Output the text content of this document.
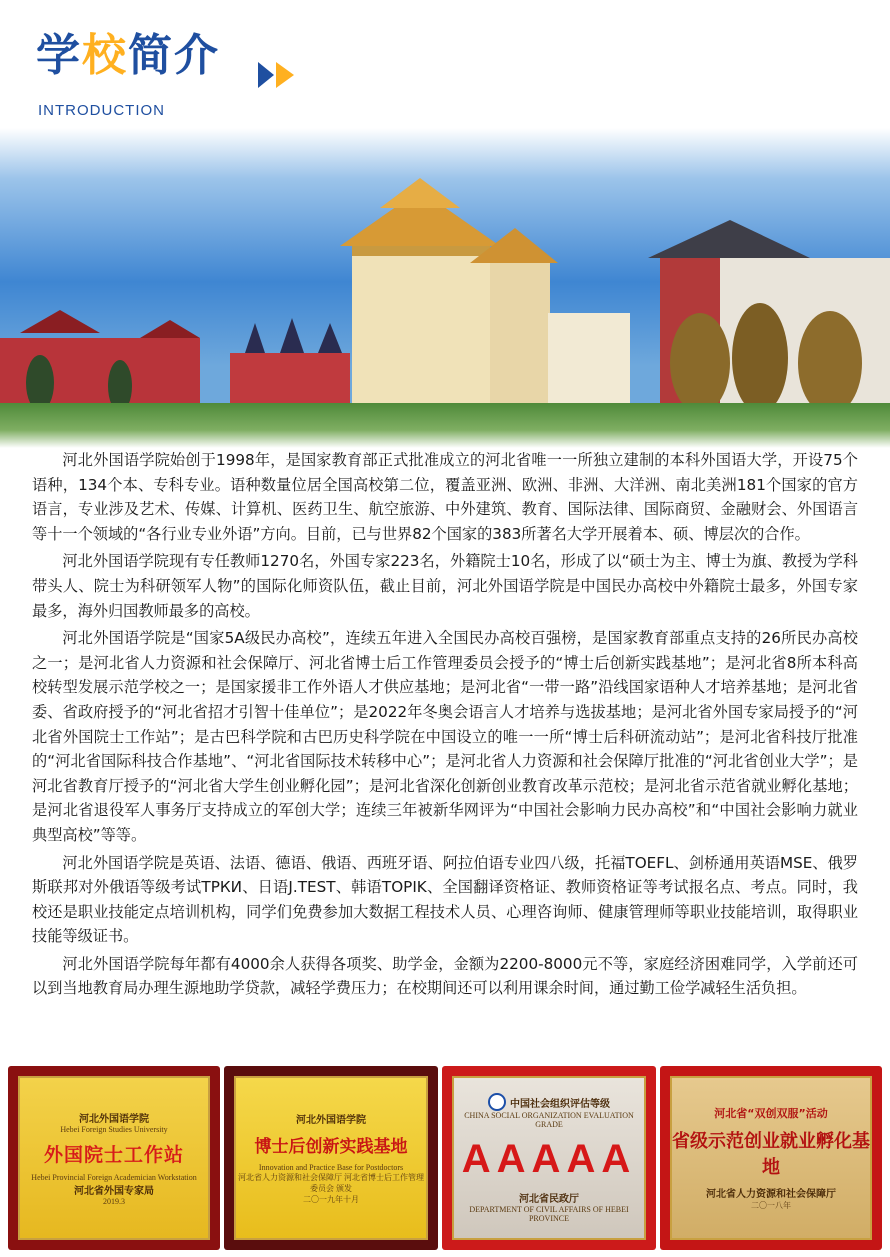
学校简介
INTRODUCTION

河北外国语学院始创于1998年，是国家教育部正式批准成立的河北省唯一一所独立建制的本科外国语大学，开设75个语种，134个本、专科专业。语种数量位居全国高校第二位，覆盖亚洲、欧洲、非洲、大洋洲、南北美洲181个国家的官方语言，专业涉及艺术、传媒、计算机、医药卫生、航空旅游、中外建筑、教育、国际法律、国际商贸、金融财会、外国语言等十一个领域的“各行业专业外语”方向。目前，已与世界82个国家的383所著名大学开展着本、硕、博层次的合作。

河北外国语学院现有专任教师1270名，外国专家223名，外籍院士10名，形成了以“硕士为主、博士为旗、教授为学科带头人、院士为科研领军人物”的国际化师资队伍，截止目前，河北外国语学院是中国民办高校中外籍院士最多，外国专家最多，海外归国教师最多的高校。

河北外国语学院是“国家5A级民办高校”，连续五年进入全国民办高校百强榜，是国家教育部重点支持的26所民办高校之一；是河北省人力资源和社会保障厅、河北省博士后工作管理委员会授予的“博士后创新实践基地”；是河北省8所本科高校转型发展示范学校之一；是国家援非工作外语人才供应基地；是河北省“一带一路”沿线国家语种人才培养基地；是河北省委、省政府授予的“河北省招才引智十佳单位”；是2022年冬奥会语言人才培养与选拔基地；是河北省外国专家局授予的“河北省外国院士工作站”；是古巴科学院和古巴历史科学院在中国设立的唯一一所“博士后科研流动站”；是河北省科技厅批准的“河北省国际科技合作基地”、“河北省国际技术转移中心”；是河北省人力资源和社会保障厅批准的“河北省创业大学”；是河北省教育厅授予的“河北省大学生创业孵化园”；是河北省深化创新创业教育改革示范校；是河北省示范省就业孵化基地；是河北省退役军人事务厅支持成立的军创大学；连续三年被新华网评为“中国社会影响力民办高校”和“中国社会影响力就业典型高校”等等。

河北外国语学院是英语、法语、德语、俄语、西班牙语、阿拉伯语专业四八级，托福TOEFL、剑桥通用英语MSE、俄罗斯联邦对外俄语等级考试ТРКИ、日语J.TEST、韩语TOPIK、全国翻译资格证、教师资格证等考试报名点、考点。同时，我校还是职业技能定点培训机构，同学们免费参加大数据工程技术人员、心理咨询师、健康管理师等职业技能培训，取得职业技能等级证书。

河北外国语学院每年都有4000余人获得各项奖、助学金，金额为2200-8000元不等，家庭经济困难同学，入学前还可以到当地教育局办理生源地助学贷款，减轻学费压力；在校期间还可以利用课余时间，通过勤工俭学减轻生活负担。

河北外国语学院
Hebei Foreign Studies University
外国院士工作站
Hebei Provincial Foreign Academician Workstation
河北省外国专家局
2019.3
河北外国语学院
博士后创新实践基地
Innovation and Practice Base for Postdoctors
河北省人力资源和社会保障厅 河北省博士后工作管理委员会 颁发
二〇一九年十月
中国社会组织评估等级
CHINA SOCIAL ORGANIZATION EVALUATION GRADE
AAAAA
河北省民政厅
DEPARTMENT OF CIVIL AFFAIRS OF HEBEI PROVINCE
河北省“双创双服”活动
省级示范创业就业孵化基地
河北省人力资源和社会保障厅
二〇一八年
